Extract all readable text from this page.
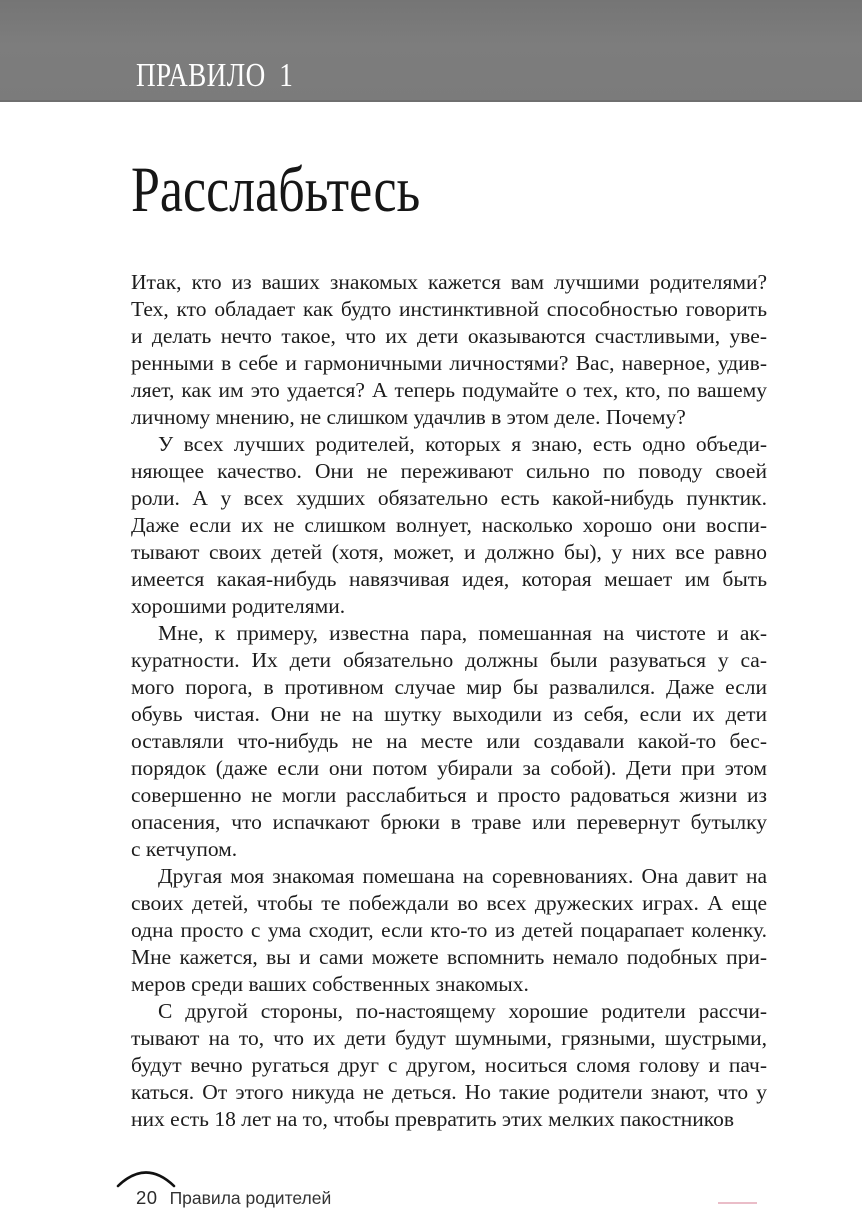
ПРАВИЛО 1
Расслабьтесь
Итак, кто из ваших знакомых кажется вам лучшими родителями?
Тех, кто обладает как будто инстинктивной способностью говорить
и делать нечто такое, что их дети оказываются счастливыми, уве-
ренными в себе и гармоничными личностями? Вас, наверное, удив-
ляет, как им это удается? А теперь подумайте о тех, кто, по вашему
личному мнению, не слишком удачлив в этом деле. Почему?
У всех лучших родителей, которых я знаю, есть одно объеди-
няющее качество. Они не переживают сильно по поводу своей
роли. А у всех худших обязательно есть какой-нибудь пунктик.
Даже если их не слишком волнует, насколько хорошо они воспи-
тывают своих детей (хотя, может, и должно бы), у них все равно
имеется какая-нибудь навязчивая идея, которая мешает им быть
хорошими родителями.
Мне, к примеру, известна пара, помешанная на чистоте и ак-
куратности. Их дети обязательно должны были разуваться у са-
мого порога, в противном случае мир бы развалился. Даже если
обувь чистая. Они не на шутку выходили из себя, если их дети
оставляли что-нибудь не на месте или создавали какой-то бес-
порядок (даже если они потом убирали за собой). Дети при этом
совершенно не могли расслабиться и просто радоваться жизни из
опасения, что испачкают брюки в траве или перевернут бутылку
с кетчупом.
Другая моя знакомая помешана на соревнованиях. Она давит на
своих детей, чтобы те побеждали во всех дружеских играх. А еще
одна просто с ума сходит, если кто-то из детей поцарапает коленку.
Мне кажется, вы и сами можете вспомнить немало подобных при-
меров среди ваших собственных знакомых.
С другой стороны, по-настоящему хорошие родители рассчи-
тывают на то, что их дети будут шумными, грязными, шустрыми,
будут вечно ругаться друг с другом, носиться сломя голову и пач-
каться. От этого никуда не деться. Но такие родители знают, что у
них есть 18 лет на то, чтобы превратить этих мелких пакостников
20 Правила родителей
